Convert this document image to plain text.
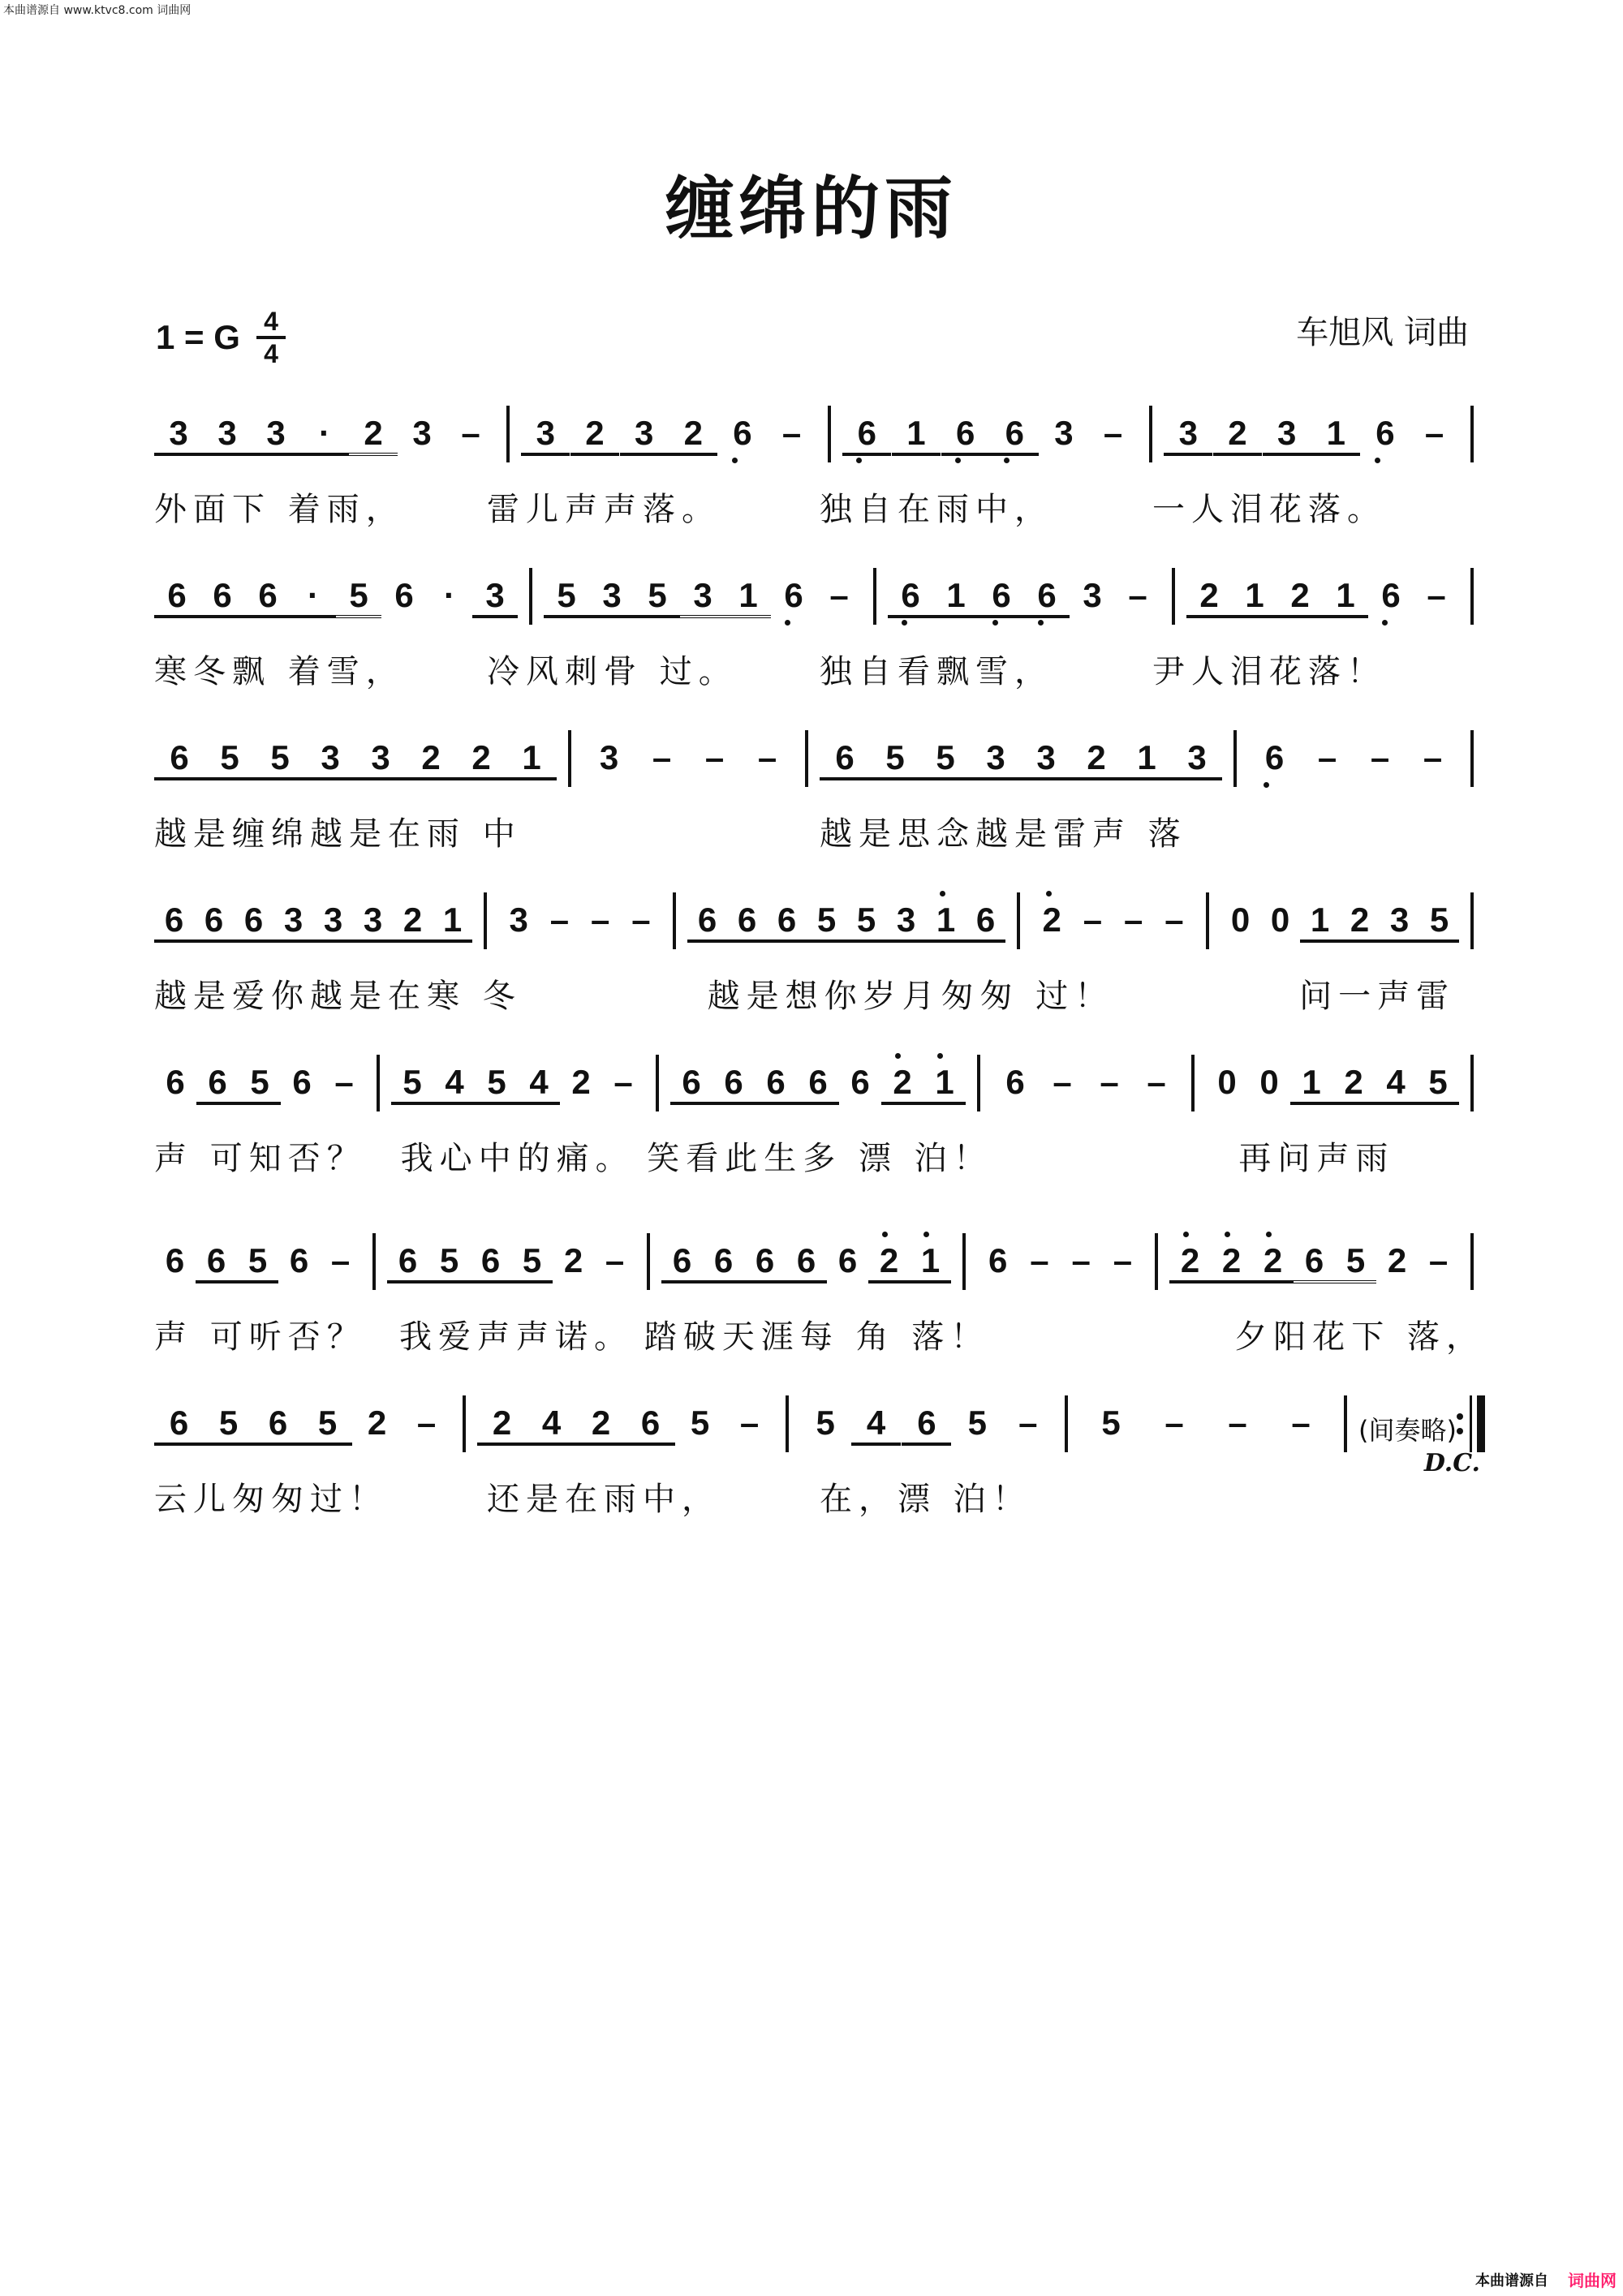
本曲谱源自 www.ktvc8.com 词曲网
缠绵的雨
1 = G 4
4
车旭风 词曲
3 3 3 · 2 3 –	3 2 3 2 6 –	6 1 6 6 3 –	3 2 3 1 6 –
外面下 着雨，	雷儿声声落。	独自在雨中，	一人泪花落。
6 6 6 · 5 6 · 3	5 3 5 3 1 6 –	6 1 6 6 3 –	2 1 2 1 6 –
寒冬飘 着雪，	冷风刺骨 过。	独自看飘雪，	尹人泪花落！
6 5 5 3 3 2 2 1	3 – – –	6 5 5 3 3 2 1 3	6 – – –
越是缠绵越是在雨 中	越是思念越是雷声 落
6 6 6 3 3 3 2 1	3 – – –	6 6 6 5 5 3 1 6	2 – – –	0 0 1 2 3 5
越是爱你越是在寒 冬	越是想你岁月匆匆 过！	问一声雷
6 6 5 6 –	5 4 5 4 2 –	6 6 6 6 6 2 1	6 – – –	0 0 1 2 4 5
声 可知否？	我心中的痛。 笑看此生多 漂 泊！	再问声雨
6 6 5 6 –	6 5 6 5 2 –	6 6 6 6 6 2 1	6 – – –	2 2 2 6 5 2 –
声 可听否？	我爱声声诺。 踏破天涯每 角 落！	夕阳花下 落，
6 5 6 5 2 –	2 4 2 6 5 –	5 4 6 5 –	5	–	–	–	(间奏略)
云儿匆匆过！	还是在雨中，	在，漂 泊！
D.C.
本曲谱源自 词曲网
